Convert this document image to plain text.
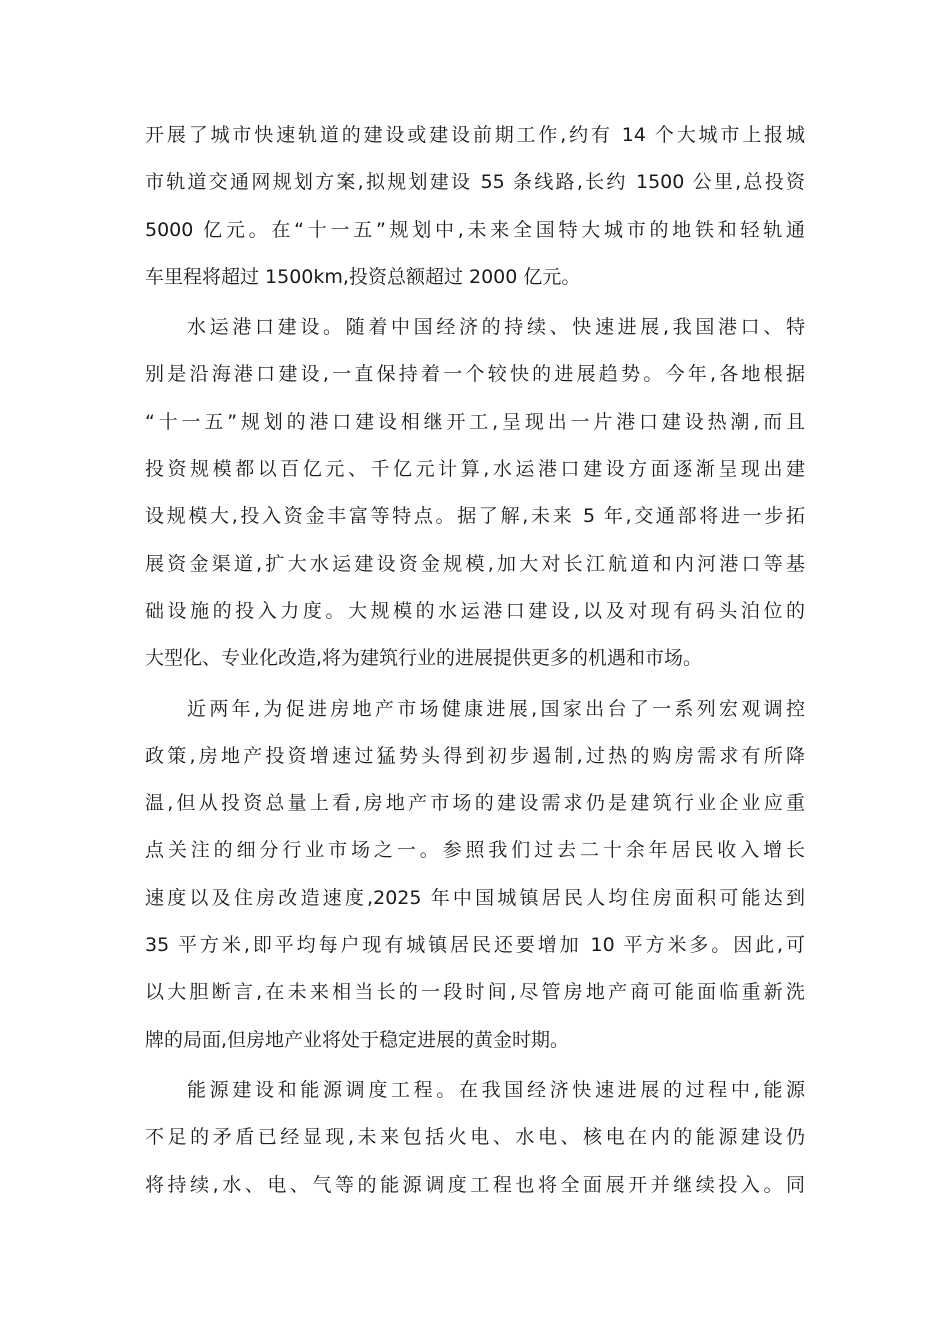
开展了城市快速轨道的建设或建设前期工作,约有 14 个大城市上报城
市轨道交通网规划方案,拟规划建设 55 条线路,长约 1500 公里,总投资
5000 亿元。在“十一五”规划中,未来全国特大城市的地铁和轻轨通
车里程将超过 1500km,投资总额超过 2000 亿元。
水运港口建设。随着中国经济的持续、快速进展,我国港口、特
别是沿海港口建设,一直保持着一个较快的进展趋势。今年,各地根据
“十一五”规划的港口建设相继开工,呈现出一片港口建设热潮,而且
投资规模都以百亿元、千亿元计算,水运港口建设方面逐渐呈现出建
设规模大,投入资金丰富等特点。据了解,未来 5 年,交通部将进一步拓
展资金渠道,扩大水运建设资金规模,加大对长江航道和内河港口等基
础设施的投入力度。大规模的水运港口建设,以及对现有码头泊位的
大型化、专业化改造,将为建筑行业的进展提供更多的机遇和市场。
近两年,为促进房地产市场健康进展,国家出台了一系列宏观调控
政策,房地产投资增速过猛势头得到初步遏制,过热的购房需求有所降
温,但从投资总量上看,房地产市场的建设需求仍是建筑行业企业应重
点关注的细分行业市场之一。参照我们过去二十余年居民收入增长
速度以及住房改造速度,2025 年中国城镇居民人均住房面积可能达到
35 平方米,即平均每户现有城镇居民还要增加 10 平方米多。因此,可
以大胆断言,在未来相当长的一段时间,尽管房地产商可能面临重新洗
牌的局面,但房地产业将处于稳定进展的黄金时期。
能源建设和能源调度工程。在我国经济快速进展的过程中,能源
不足的矛盾已经显现,未来包括火电、水电、核电在内的能源建设仍
将持续,水、电、气等的能源调度工程也将全面展开并继续投入。同
